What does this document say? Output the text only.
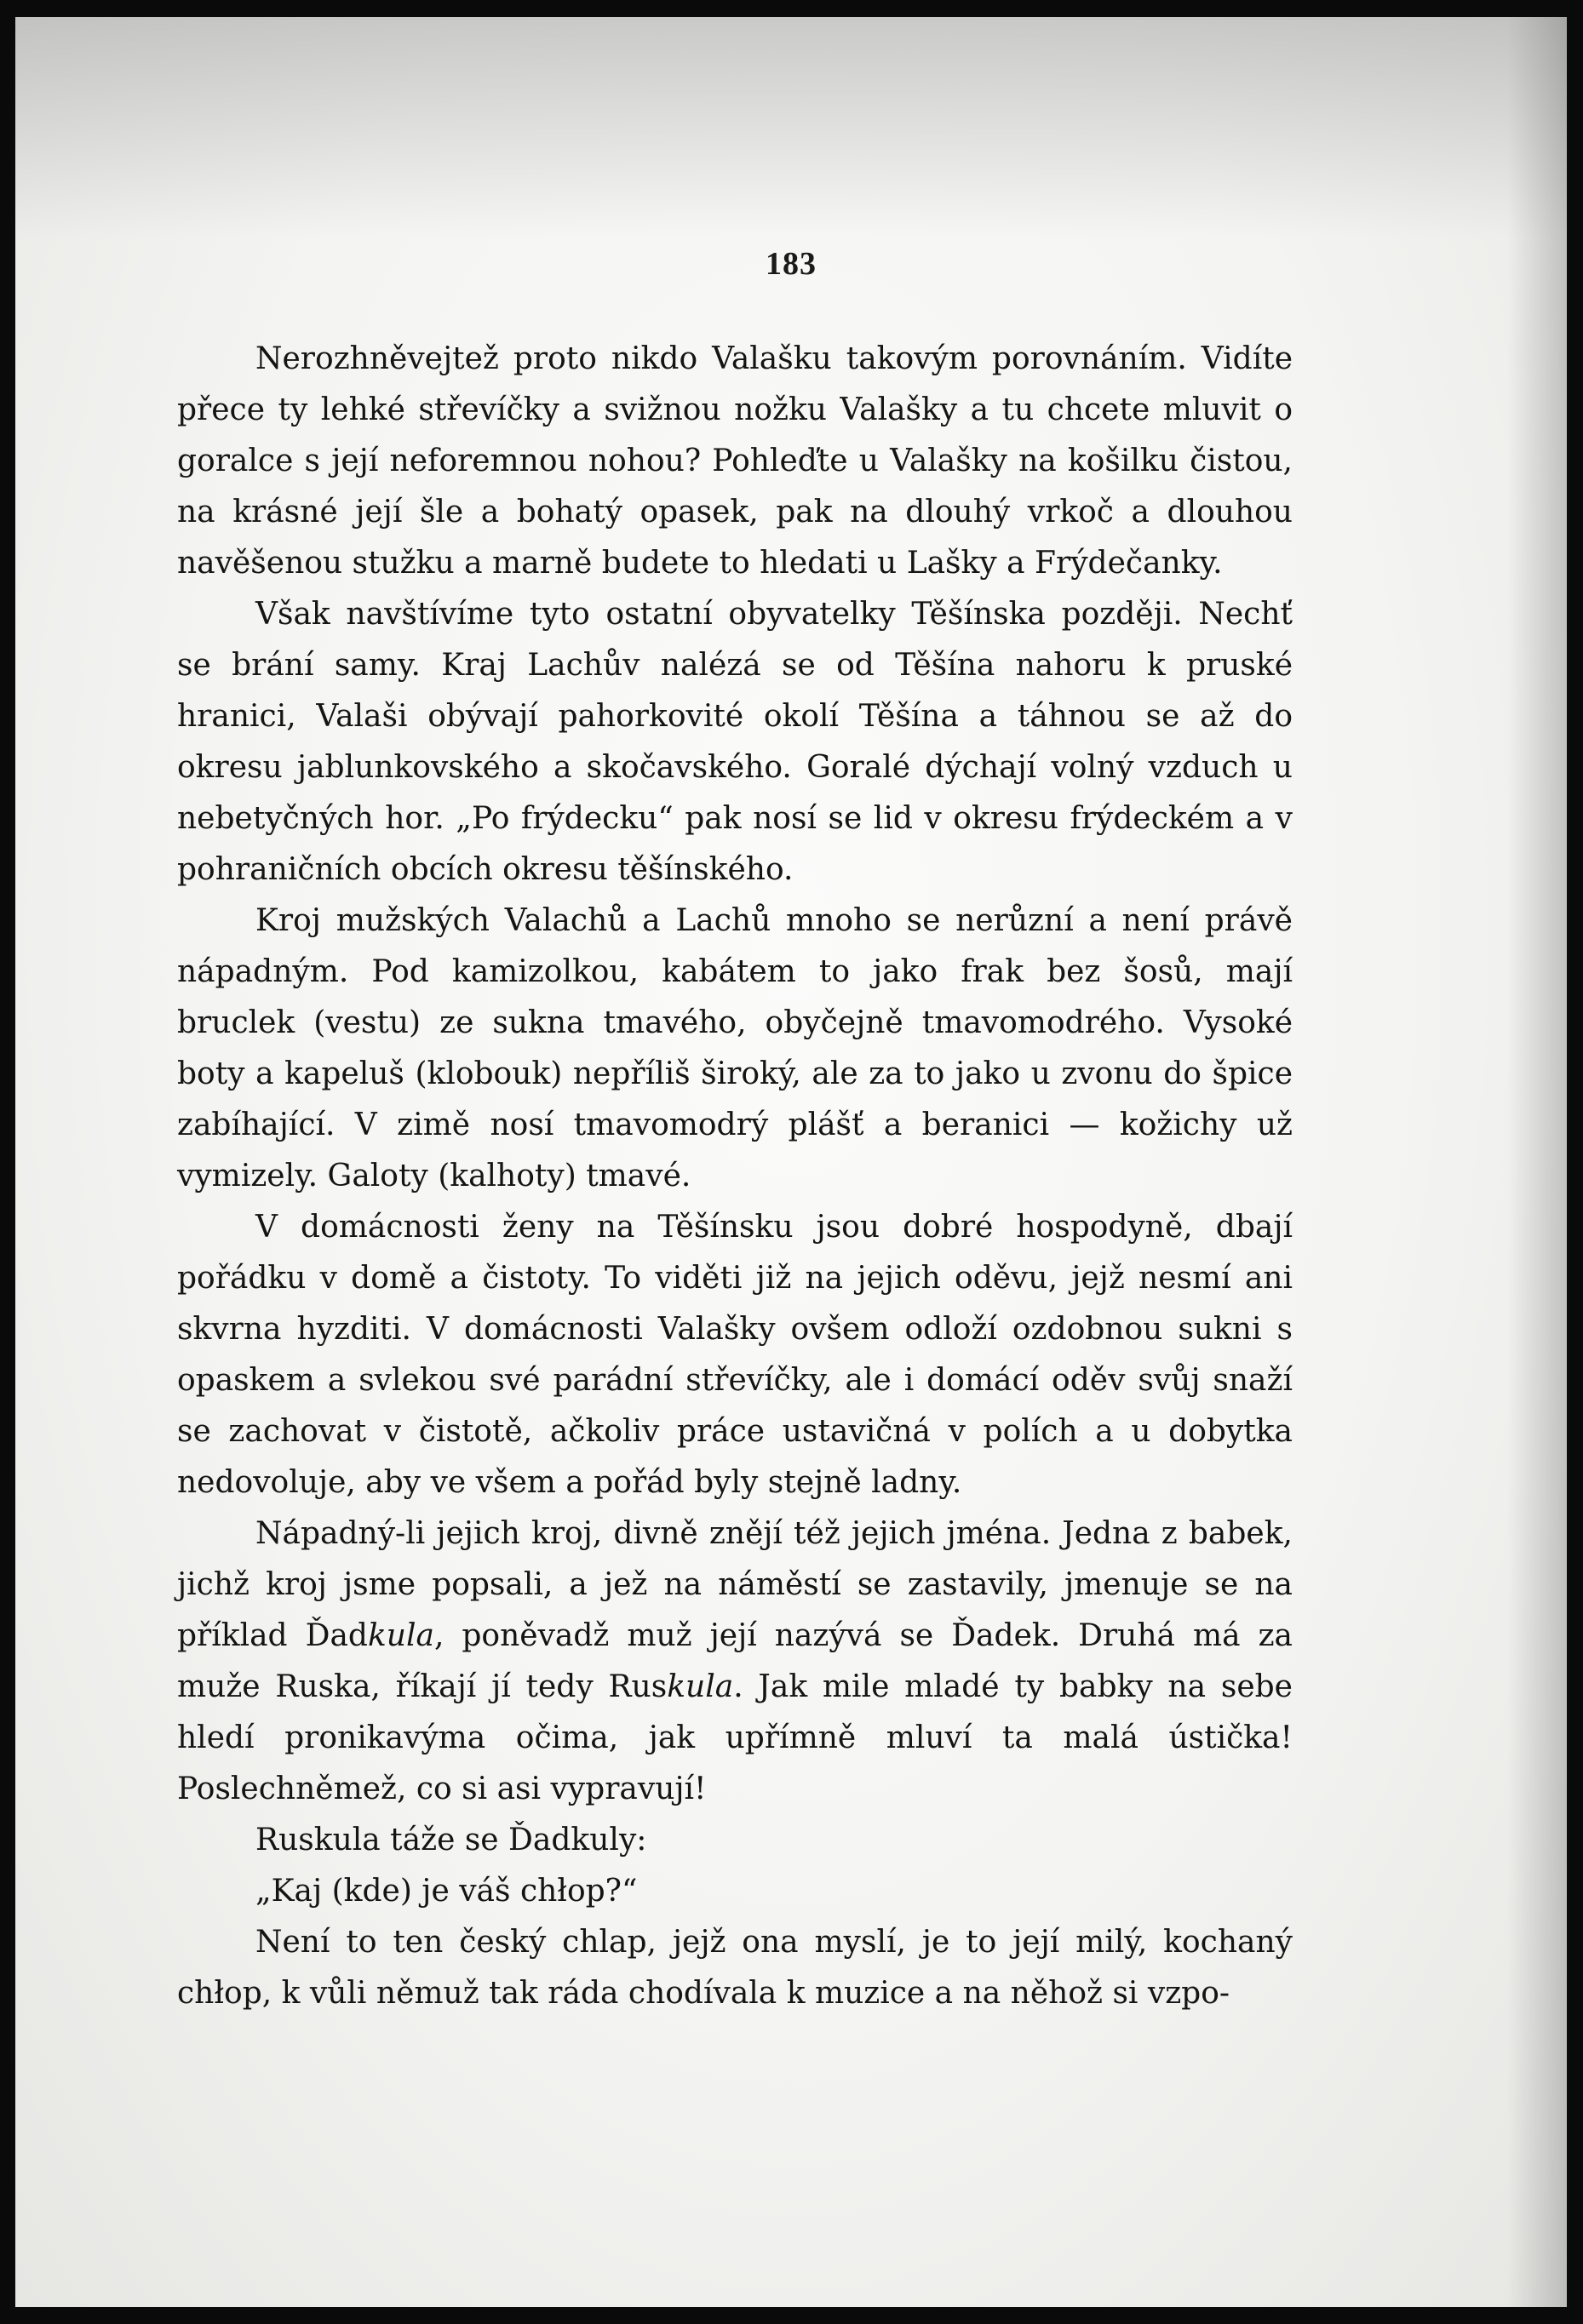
183

Nerozhněvejtež proto nikdo Valašku takovým porovnáním. Vidíte přece ty lehké střevíčky a svižnou nožku Valašky a tu chcete mluvit o goralce s její neforemnou nohou? Pohleďte u Valašky na košilku čistou, na krásné její šle a bohatý opasek, pak na dlouhý vrkoč a dlouhou navěšenou stužku a marně budete to hledati u Lašky a Frýdečanky.

Však navštívíme tyto ostatní obyvatelky Těšínska později. Nechť se brání samy. Kraj Lachův nalézá se od Těšína nahoru k pruské hranici, Valaši obývají pahorkovité okolí Těšína a táhnou se až do okresu jablunkovského a skočavského. Goralé dýchají volný vzduch u nebetyčných hor. „Po frýdecku“ pak nosí se lid v okresu frýdeckém a v pohraničních obcích okresu těšínského.

Kroj mužských Valachů a Lachů mnoho se nerůzní a není právě nápadným. Pod kamizolkou, kabátem to jako frak bez šosů, mají bruclek (vestu) ze sukna tmavého, obyčejně tmavomodrého. Vysoké boty a kapeluš (klobouk) nepříliš široký, ale za to jako u zvonu do špice zabíhající. V zimě nosí tmavomodrý plášť a beranici — kožichy už vymizely. Galoty (kalhoty) tmavé.

V domácnosti ženy na Těšínsku jsou dobré hospodyně, dbají pořádku v domě a čistoty. To viděti již na jejich oděvu, jejž nesmí ani skvrna hyzditi. V domácnosti Valašky ovšem odloží ozdobnou sukni s opaskem a svlekou své parádní střevíčky, ale i domácí oděv svůj snaží se zachovat v čistotě, ačkoliv práce ustavičná v polích a u dobytka nedovoluje, aby ve všem a pořád byly stejně ladny.

Nápadný-li jejich kroj, divně znějí též jejich jména. Jedna z babek, jichž kroj jsme popsali, a jež na náměstí se zastavily, jmenuje se na příklad Ďadkula, poněvadž muž její nazývá se Ďadek. Druhá má za muže Ruska, říkají jí tedy Ruskula. Jak mile mladé ty babky na sebe hledí pronikavýma očima, jak upřímně mluví ta malá ústička! Poslechněmež, co si asi vypravují!

Ruskula táže se Ďadkuly:

„Kaj (kde) je váš chłop?“

Není to ten český chlap, jejž ona myslí, je to její milý, kochaný chłop, k vůli němuž tak ráda chodívala k muzice a na něhož si vzpo-
